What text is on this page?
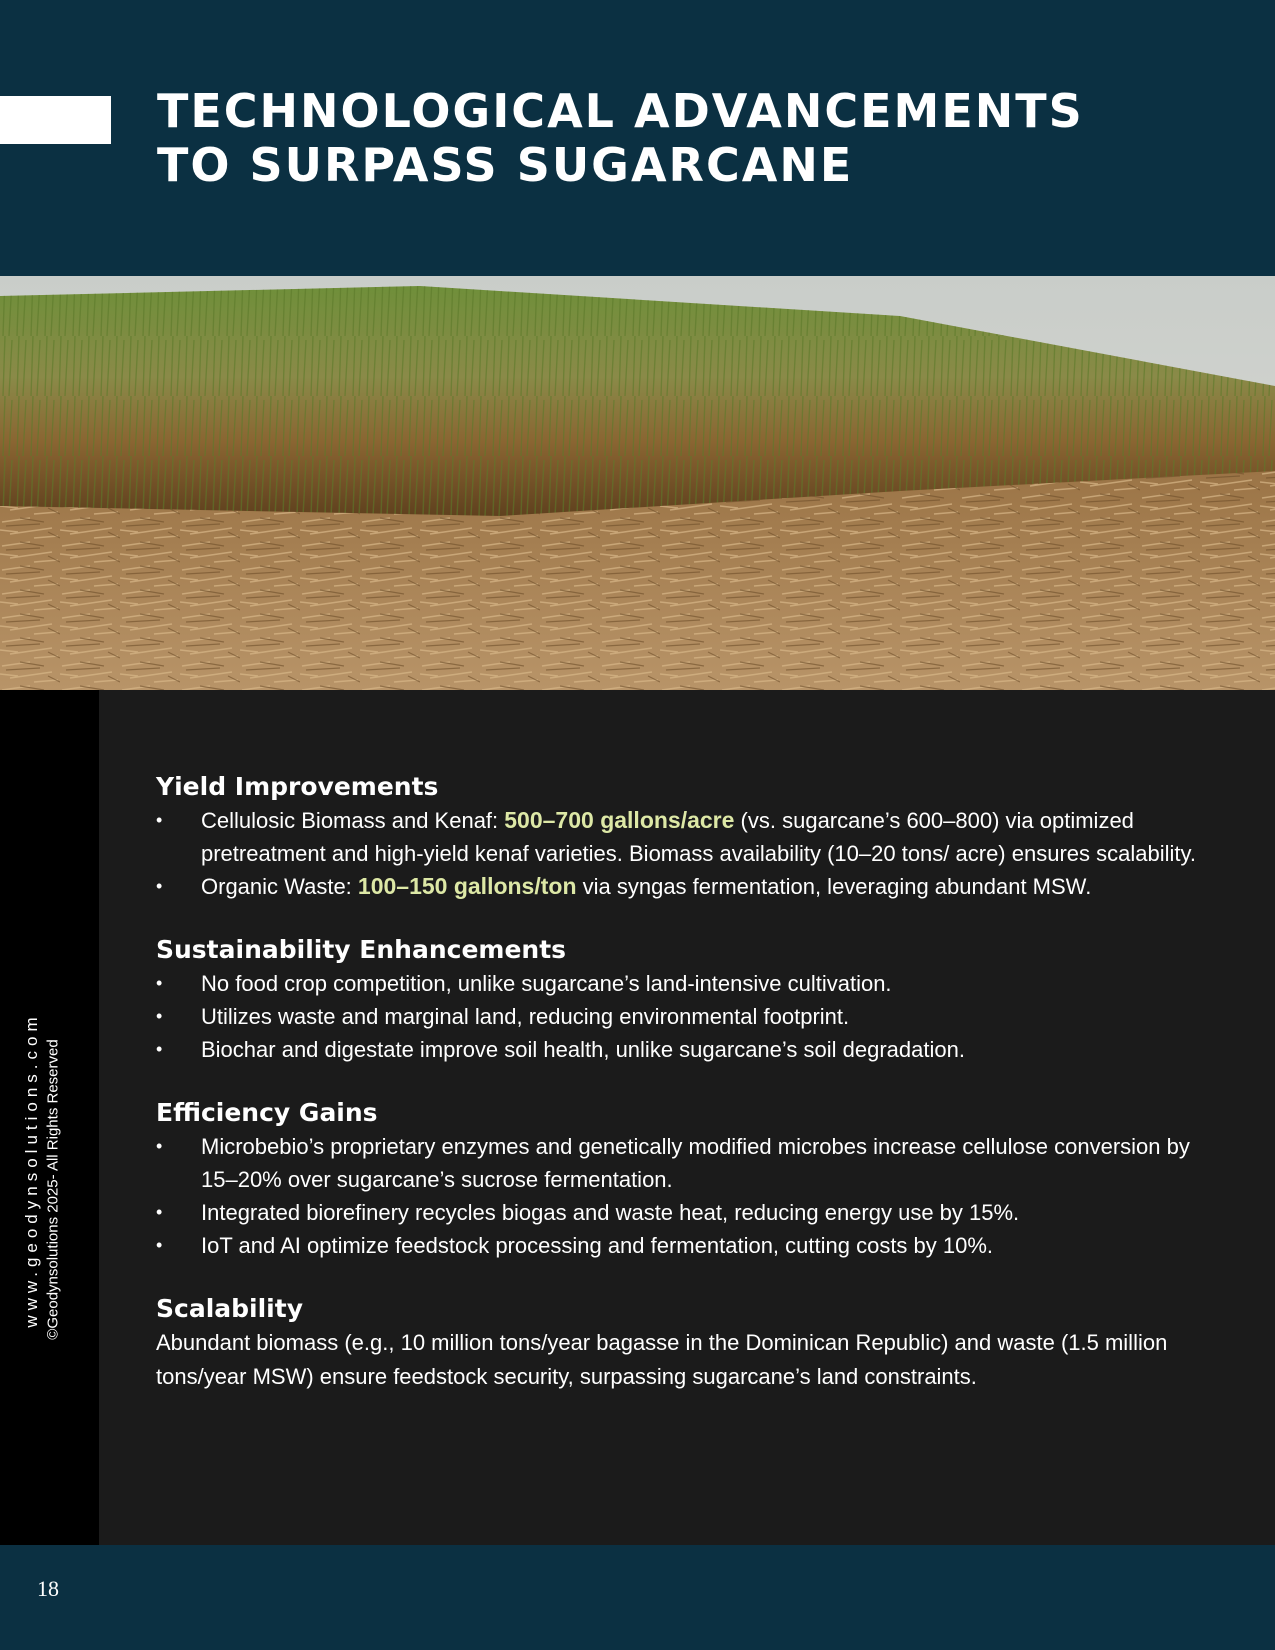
TECHNOLOGICAL ADVANCEMENTS
TO SURPASS SUGARCANE
www.geodynsolutions.com ©Geodynsolutions 2025- All Rights Reserved
Yield Improvements
• Cellulosic Biomass and Kenaf: 500–700 gallons/acre (vs. sugarcane’s 600–800) via optimized pretreatment and high-yield kenaf varieties. Biomass availability (10–20 tons/ acre) ensures scalability.
• Organic Waste: 100–150 gallons/ton via syngas fermentation, leveraging abundant MSW.
Sustainability Enhancements
• No food crop competition, unlike sugarcane’s land-intensive cultivation.
• Utilizes waste and marginal land, reducing environmental footprint.
• Biochar and digestate improve soil health, unlike sugarcane’s soil degradation.
Efficiency Gains
• Microbebio’s proprietary enzymes and genetically modified microbes increase cellulose conversion by 15–20% over sugarcane’s sucrose fermentation.
• Integrated biorefinery recycles biogas and waste heat, reducing energy use by 15%.
• IoT and AI optimize feedstock processing and fermentation, cutting costs by 10%.
Scalability

Abundant biomass (e.g., 10 million tons/year bagasse in the Dominican Republic) and waste (1.5 million tons/year MSW) ensure feedstock security, surpassing sugarcane’s land constraints.

18
